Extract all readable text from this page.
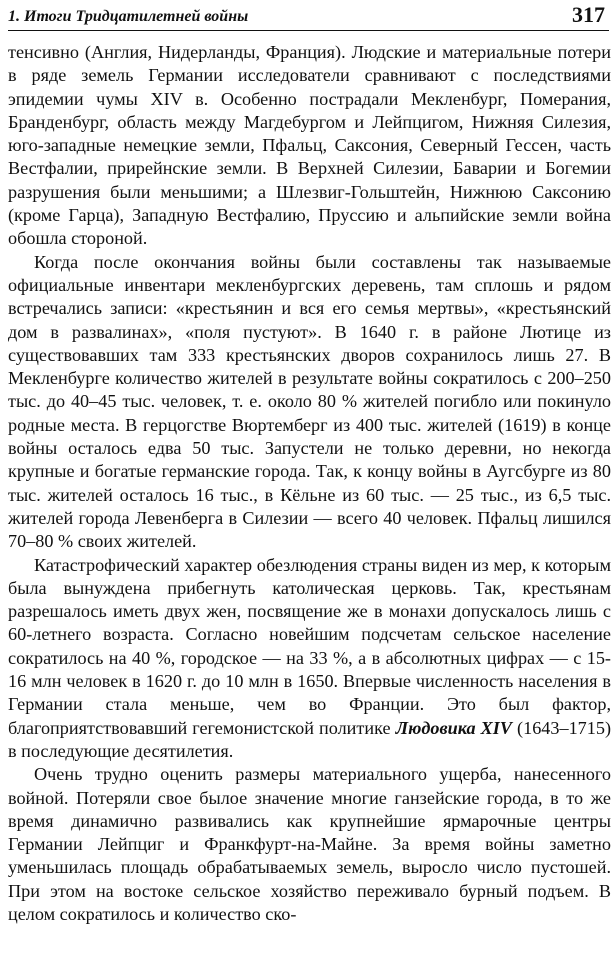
1. Итоги Тридцатилетней войны	317

тенсивно (Англия, Нидерланды, Франция). Людские и материальные потери в ряде земель Германии исследователи сравнивают с последствиями эпидемии чумы XIV в. Особенно пострадали Мекленбург, Померания, Бранденбург, область между Магдебургом и Лейпцигом, Нижняя Силезия, юго-западные немецкие земли, Пфальц, Саксония, Северный Гессен, часть Вестфалии, прирейнские земли. В Верхней Силезии, Баварии и Богемии разрушения были меньшими; а Шлезвиг-Гольштейн, Нижнюю Саксонию (кроме Гарца), Западную Вестфалию, Пруссию и альпийские земли война обошла стороной.

Когда после окончания войны были составлены так называемые официальные инвентари мекленбургских деревень, там сплошь и рядом встречались записи: «крестьянин и вся его семья мертвы», «крестьянский дом в развалинах», «поля пустуют». В 1640 г. в районе Лютице из существовавших там 333 крестьянских дворов сохранилось лишь 27. В Мекленбурге количество жителей в результате войны сократилось с 200–250 тыс. до 40–45 тыс. человек, т. е. около 80 % жителей погибло или покинуло родные места. В герцогстве Вюртемберг из 400 тыс. жителей (1619) в конце войны осталось едва 50 тыс. Запустели не только деревни, но некогда крупные и богатые германские города. Так, к концу войны в Аугсбурге из 80 тыс. жителей осталось 16 тыс., в Кёльне из 60 тыс. — 25 тыс., из 6,5 тыс. жителей города Левенберга в Силезии — всего 40 человек. Пфальц лишился 70–80 % своих жителей.

Катастрофический характер обезлюдения страны виден из мер, к которым была вынуждена прибегнуть католическая церковь. Так, крестьянам разрешалось иметь двух жен, посвящение же в монахи допускалось лишь с 60-летнего возраста. Согласно новейшим подсчетам сельское население сократилось на 40 %, городское — на 33 %, а в абсолютных цифрах — с 15-16 млн человек в 1620 г. до 10 млн в 1650. Впервые численность населения в Германии стала меньше, чем во Франции. Это был фактор, благоприятствовавший гегемонистской политике Людовика XIV (1643–1715) в последующие десятилетия.

Очень трудно оценить размеры материального ущерба, нанесенного войной. Потеряли свое былое значение многие ганзейские города, в то же время динамично развивались как крупнейшие ярмарочные центры Германии Лейпциг и Франкфурт-на-Майне. За время войны заметно уменьшилась площадь обрабатываемых земель, выросло число пустошей. При этом на востоке сельское хозяйство переживало бурный подъем. В целом сократилось и количество ско-
